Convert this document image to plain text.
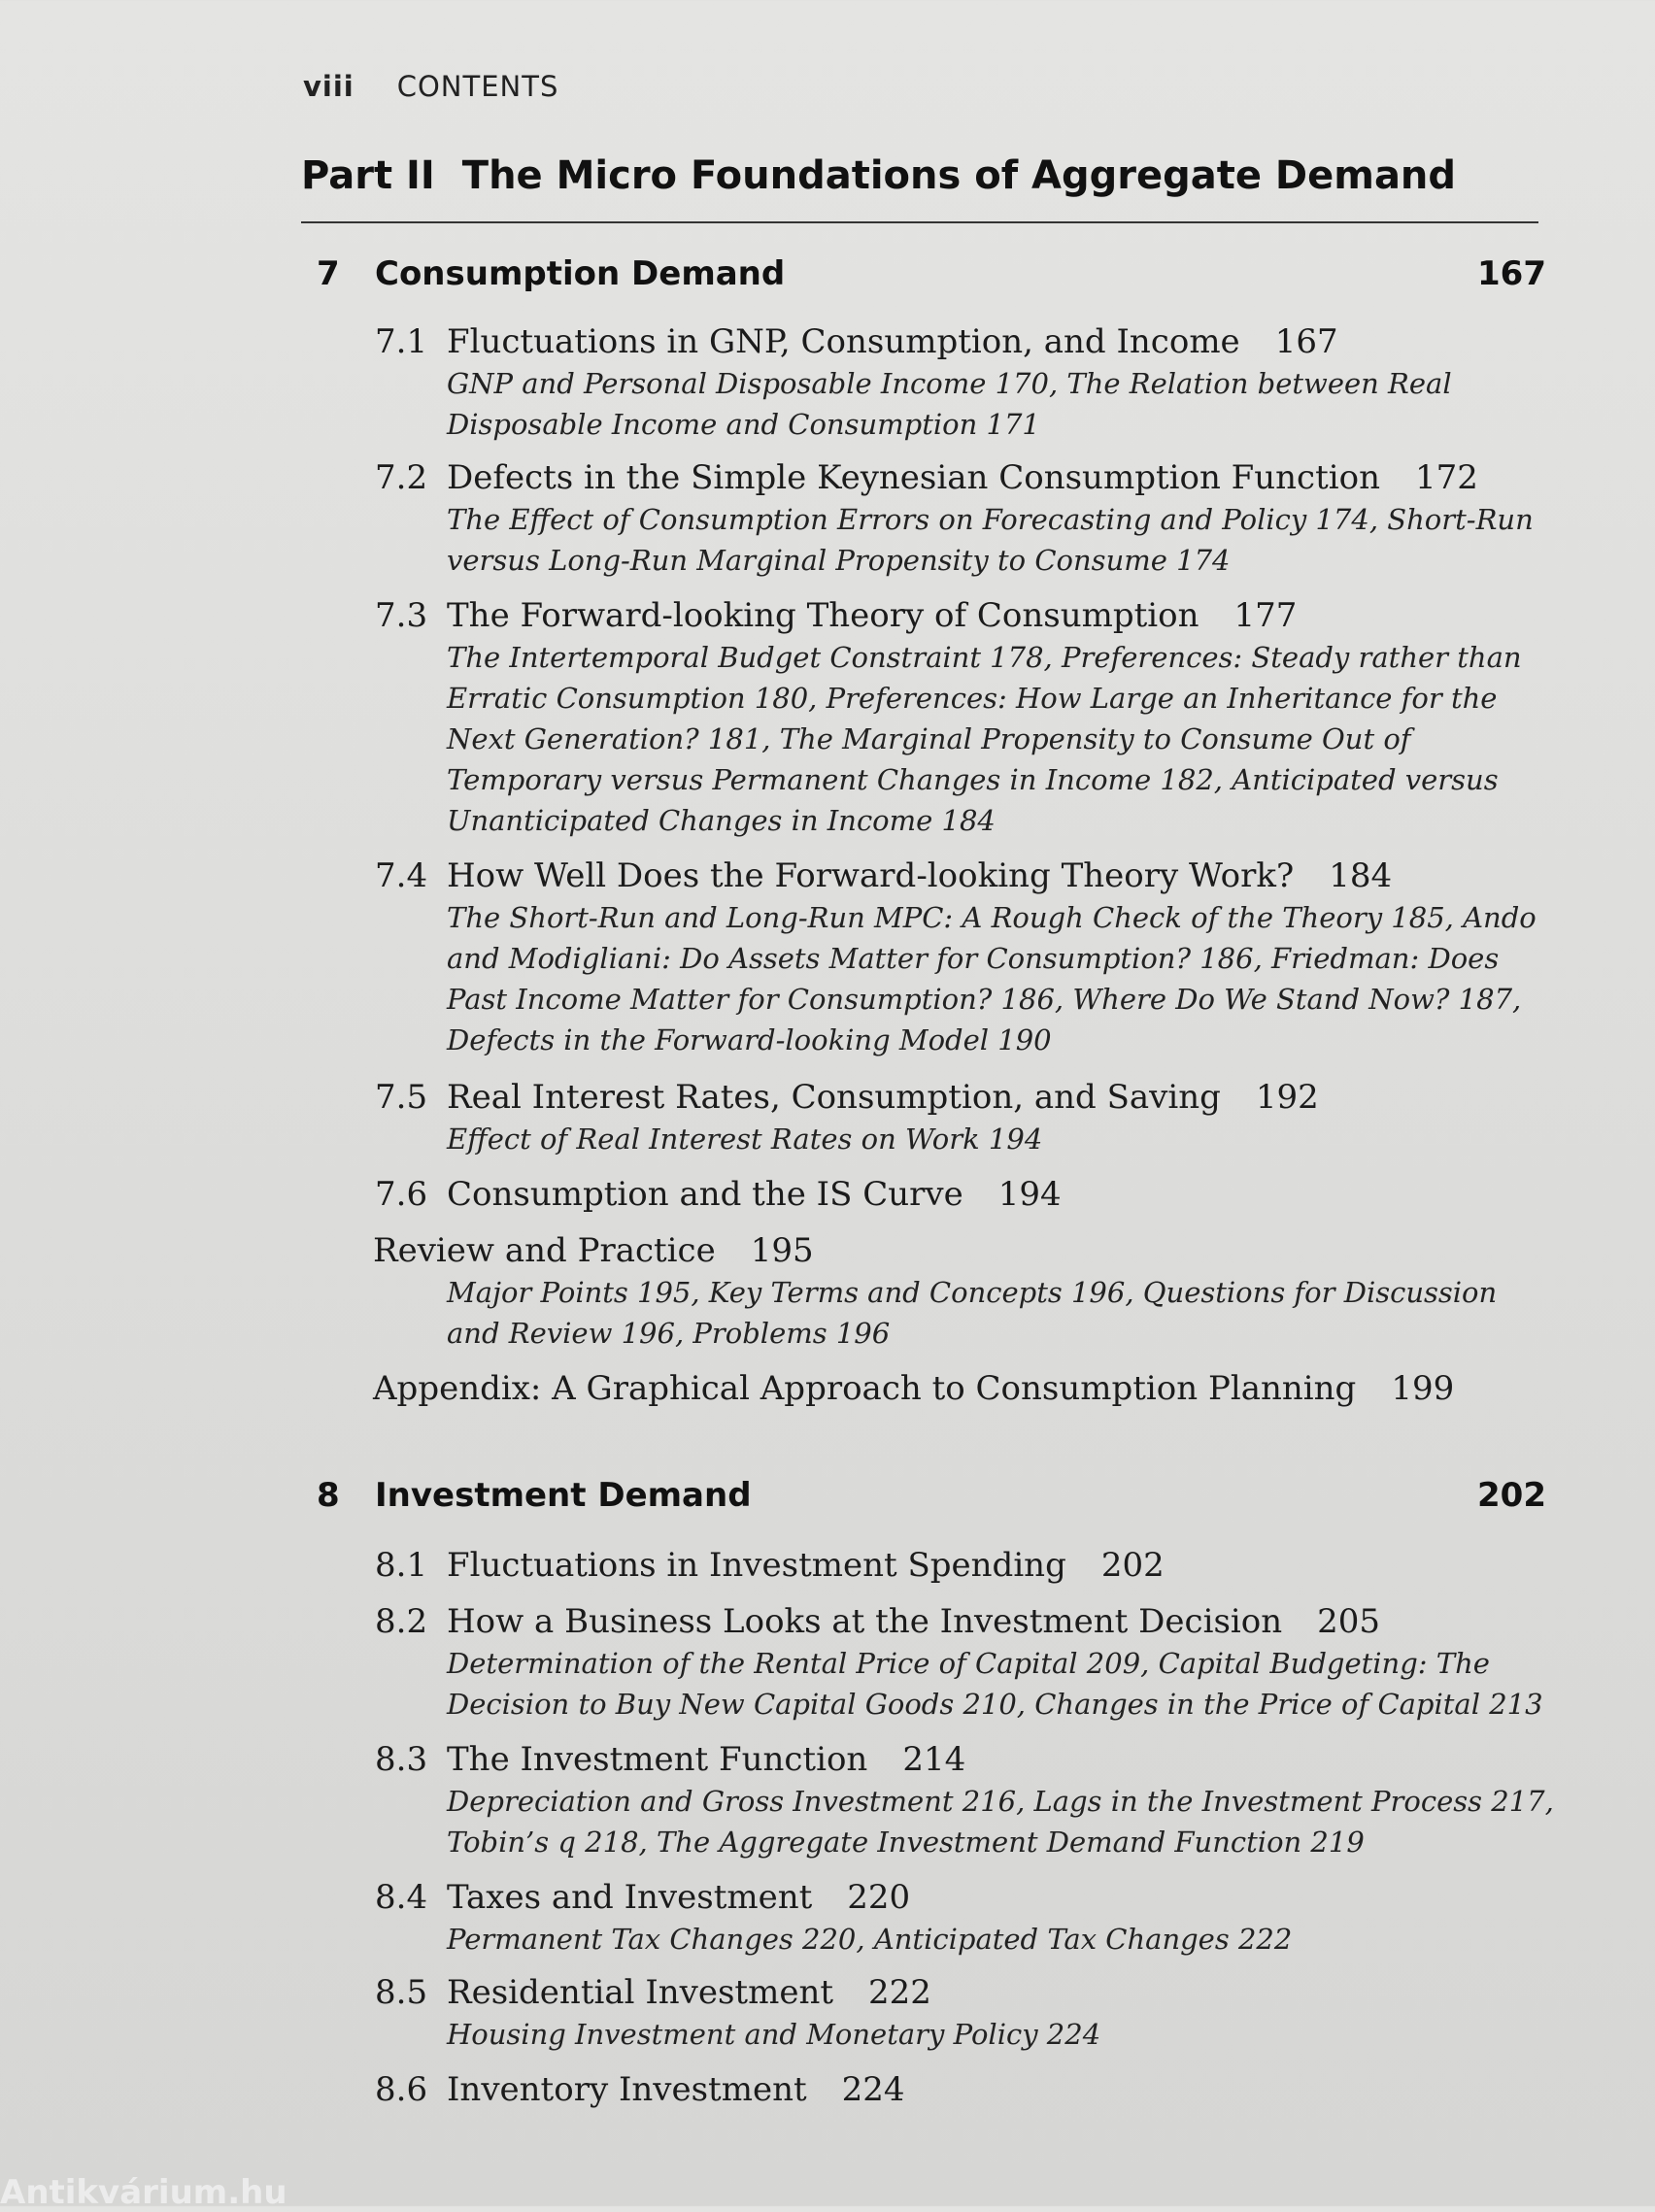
viii CONTENTS
Part II The Micro Foundations of Aggregate Demand
7 Consumption Demand	167
7.1 Fluctuations in GNP, Consumption, and Income 167
GNP and Personal Disposable Income 170, The Relation between Real Disposable Income and Consumption 171
7.2 Defects in the Simple Keynesian Consumption Function 172
The Effect of Consumption Errors on Forecasting and Policy 174, Short-Run versus Long-Run Marginal Propensity to Consume 174
7.3 The Forward-looking Theory of Consumption 177
The Intertemporal Budget Constraint 178, Preferences: Steady rather than Erratic Consumption 180, Preferences: How Large an Inheritance for the Next Generation? 181, The Marginal Propensity to Consume Out of Temporary versus Permanent Changes in Income 182, Anticipated versus Unanticipated Changes in Income 184
7.4 How Well Does the Forward-looking Theory Work? 184
The Short-Run and Long-Run MPC: A Rough Check of the Theory 185, Ando and Modigliani: Do Assets Matter for Consumption? 186, Friedman: Does Past Income Matter for Consumption? 186, Where Do We Stand Now? 187, Defects in the Forward-looking Model 190
7.5 Real Interest Rates, Consumption, and Saving 192
Effect of Real Interest Rates on Work 194
7.6 Consumption and the IS Curve 194
Review and Practice 195
Major Points 195, Key Terms and Concepts 196, Questions for Discussion and Review 196, Problems 196
Appendix: A Graphical Approach to Consumption Planning 199
8 Investment Demand	202
8.1 Fluctuations in Investment Spending 202
8.2 How a Business Looks at the Investment Decision 205
Determination of the Rental Price of Capital 209, Capital Budgeting: The Decision to Buy New Capital Goods 210, Changes in the Price of Capital 213
8.3 The Investment Function 214
Depreciation and Gross Investment 216, Lags in the Investment Process 217, Tobin’s q 218, The Aggregate Investment Demand Function 219
8.4 Taxes and Investment 220
Permanent Tax Changes 220, Anticipated Tax Changes 222
8.5 Residential Investment 222
Housing Investment and Monetary Policy 224
8.6 Inventory Investment 224
Antikvárium.hu
